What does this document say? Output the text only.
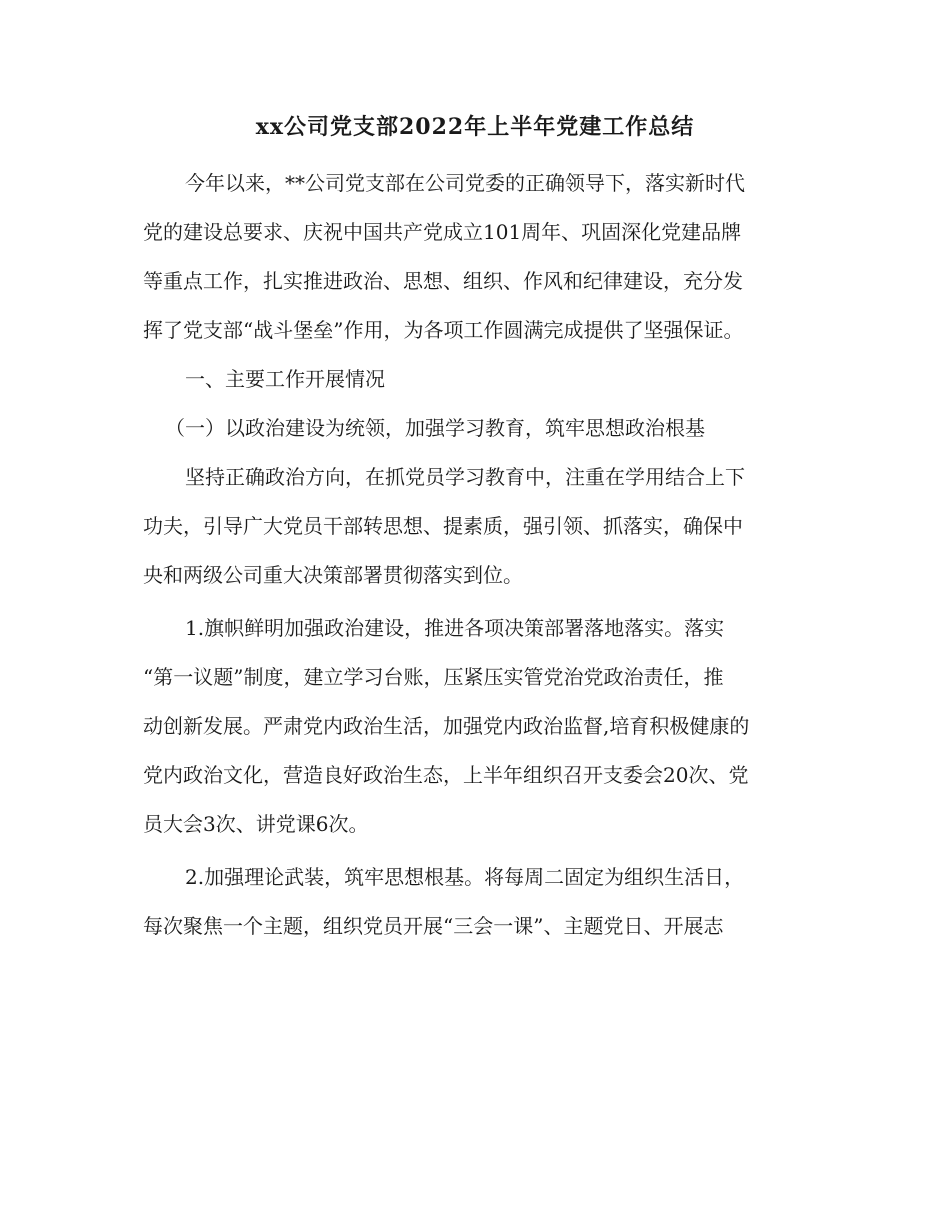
xx公司党支部2022年上半年党建工作总结

今年以来，**公司党支部在公司党委的正确领导下，落实新时代

党的建设总要求、庆祝中国共产党成立101周年、巩固深化党建品牌

等重点工作，扎实推进政治、思想、组织、作风和纪律建设，充分发

挥了党支部“战斗堡垒”作用，为各项工作圆满完成提供了坚强保证。

一、主要工作开展情况

（一）以政治建设为统领，加强学习教育，筑牢思想政治根基

坚持正确政治方向，在抓党员学习教育中，注重在学用结合上下

功夫，引导广大党员干部转思想、提素质，强引领、抓落实，确保中

央和两级公司重大决策部署贯彻落实到位。

1.旗帜鲜明加强政治建设，推进各项决策部署落地落实。落实

“第一议题”制度，建立学习台账，压紧压实管党治党政治责任，推

动创新发展。严肃党内政治生活，加强党内政治监督,培育积极健康的

党内政治文化，营造良好政治生态，上半年组织召开支委会20次、党

员大会3次、讲党课6次。

2.加强理论武装，筑牢思想根基。将每周二固定为组织生活日，

每次聚焦一个主题，组织党员开展“三会一课”、主题党日、开展志
